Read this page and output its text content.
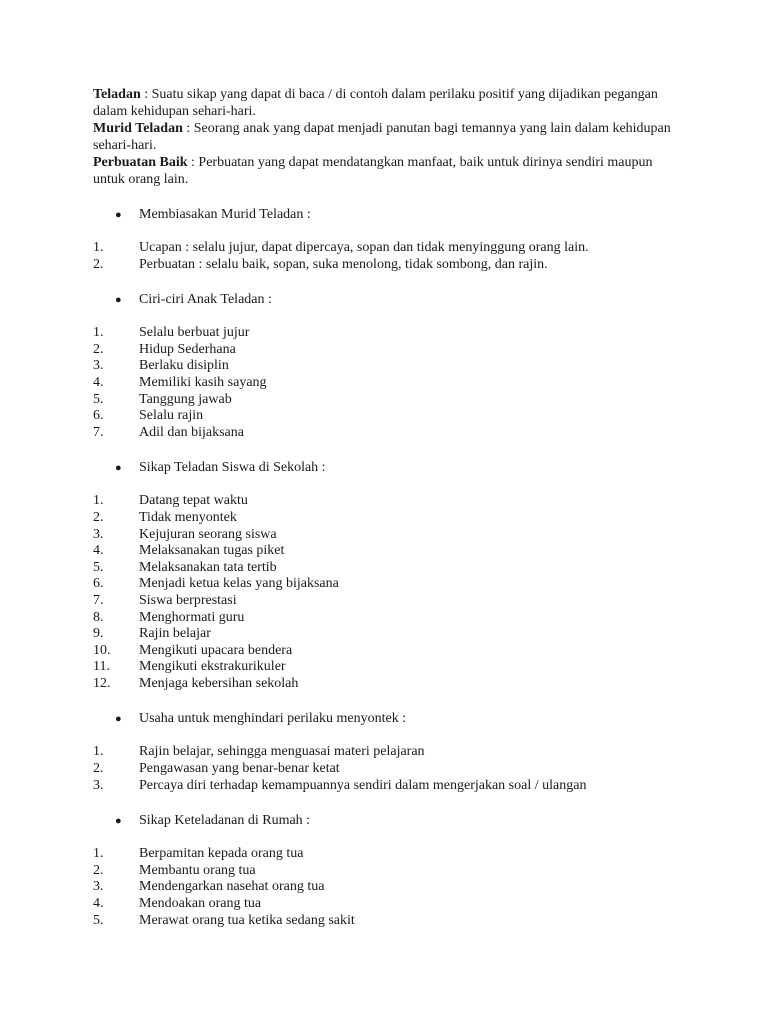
Teladan : Suatu sikap yang dapat di baca / di contoh dalam perilaku positif yang dijadikan pegangan dalam kehidupan sehari-hari.

Murid Teladan : Seorang anak yang dapat menjadi panutan bagi temannya yang lain dalam kehidupan sehari-hari.

Perbuatan Baik : Perbuatan yang dapat mendatangkan manfaat, baik untuk dirinya sendiri maupun untuk orang lain.

●	Membiasakan Murid Teladan :
1.	Ucapan : selalu jujur, dapat dipercaya, sopan dan tidak menyinggung orang lain.
2.	Perbuatan : selalu baik, sopan, suka menolong, tidak sombong, dan rajin.
●	Ciri-ciri Anak Teladan :
1.	Selalu berbuat jujur
2.	Hidup Sederhana
3.	Berlaku disiplin
4.	Memiliki kasih sayang
5.	Tanggung jawab
6.	Selalu rajin
7.	Adil dan bijaksana
●	Sikap Teladan Siswa di Sekolah :
1.	Datang tepat waktu
2.	Tidak menyontek
3.	Kejujuran seorang siswa
4.	Melaksanakan tugas piket
5.	Melaksanakan tata tertib
6.	Menjadi ketua kelas yang bijaksana
7.	Siswa berprestasi
8.	Menghormati guru
9.	Rajin belajar
10.	Mengikuti upacara bendera
11.	Mengikuti ekstrakurikuler
12.	Menjaga kebersihan sekolah
●	Usaha untuk menghindari perilaku menyontek :
1.	Rajin belajar, sehingga menguasai materi pelajaran
2.	Pengawasan yang benar-benar ketat
3.	Percaya diri terhadap kemampuannya sendiri dalam mengerjakan soal / ulangan
●	Sikap Keteladanan di Rumah :
1.	Berpamitan kepada orang tua
2.	Membantu orang tua
3.	Mendengarkan nasehat orang tua
4.	Mendoakan orang tua
5.	Merawat orang tua ketika sedang sakit
